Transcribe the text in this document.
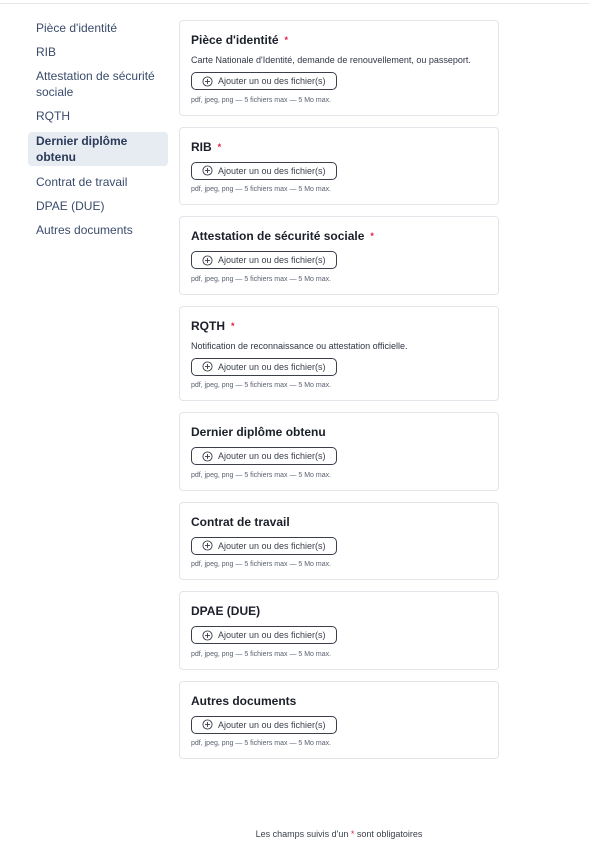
Pièce d'identité
RIB
Attestation de sécurité sociale
RQTH
Dernier diplôme obtenu
Contrat de travail
DPAE (DUE)
Autres documents
Pièce d'identité *

Carte Nationale d'Identité, demande de renouvellement, ou passeport.

Ajouter un ou des fichier(s)
pdf, jpeg, png — 5 fichiers max — 5 Mo max.
RIB *
Ajouter un ou des fichier(s)
pdf, jpeg, png — 5 fichiers max — 5 Mo max.
Attestation de sécurité sociale *
Ajouter un ou des fichier(s)
pdf, jpeg, png — 5 fichiers max — 5 Mo max.
RQTH *

Notification de reconnaissance ou attestation officielle.

Ajouter un ou des fichier(s)
pdf, jpeg, png — 5 fichiers max — 5 Mo max.
Dernier diplôme obtenu
Ajouter un ou des fichier(s)
pdf, jpeg, png — 5 fichiers max — 5 Mo max.
Contrat de travail
Ajouter un ou des fichier(s)
pdf, jpeg, png — 5 fichiers max — 5 Mo max.
DPAE (DUE)
Ajouter un ou des fichier(s)
pdf, jpeg, png — 5 fichiers max — 5 Mo max.
Autres documents
Ajouter un ou des fichier(s)
pdf, jpeg, png — 5 fichiers max — 5 Mo max.
Les champs suivis d'un * sont obligatoires
